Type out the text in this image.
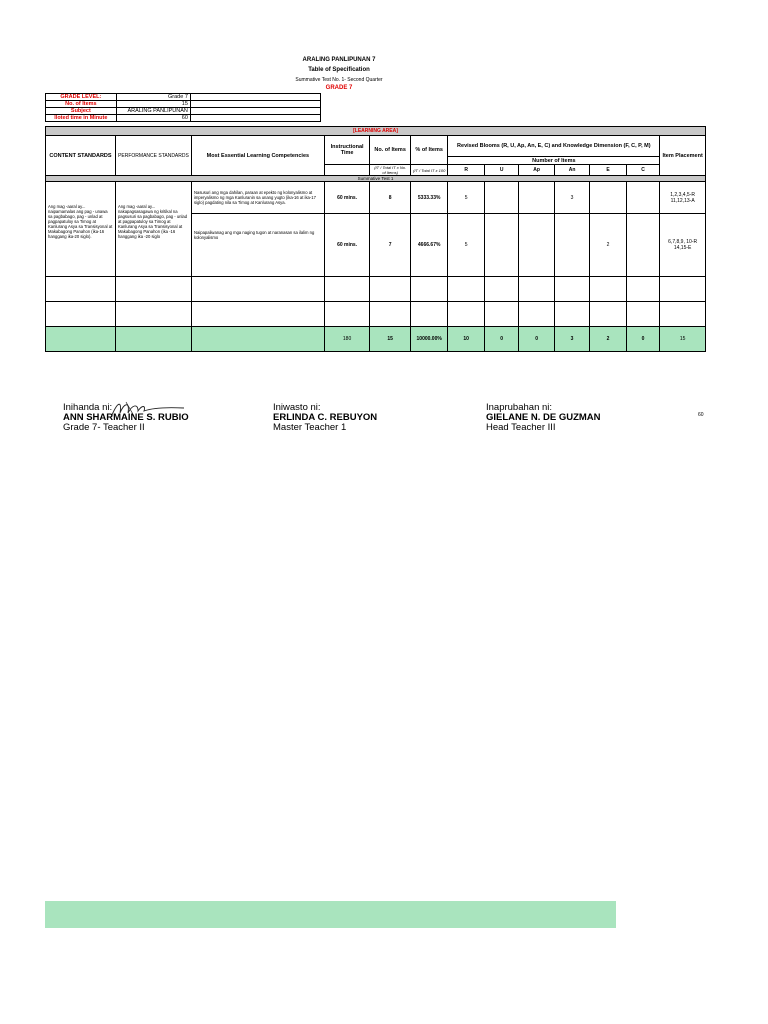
ARALING PANLIPUNAN 7
Table of Specification
Summative Test No. 1- Second Quarter
GRADE 7
GRADE LEVEL:	Grade 7	
No. of Items	15	
Subject	ARALING PANLIPUNAN	
lloted time in Minute	60	
[LEARNING AREA]												
CONTENT STANDARDS	PERFORMANCE STANDARDS	Most Essential Learning Competencies	Instructional Time	No. of Items	% of Items	Revised Blooms (R, U, Ap, An, E, C) and Knowledge Dimension (F, C, P, M)						Item Placement
						Number of Items						
				(IT / Total IT x No. of Items)	(IT / Total IT x 100	R	U	Ap	An	E	C	
Summative Test 1												
Ang mag -aaral ay... naipamamalas ang pag - unawa sa pagbabago, pag - unlad at pagpapatuloy sa Timog at Kanlurang Asya sa Transisyonal at Makabagong Panahon (ika-16 hanggang ika-20 siglo).	Ang mag -aaral ay... nakapagsasagawa ng kritikal na pagsusuri sa pagbabago, pag - unlad at pagpapatuloy sa Timog at Kanlurang Asya sa Transisyonal at Makabagong Panahon (ika -16 hanggang ika -20 siglo	Nasusuri ang mga dahilan, paraan at epekto ng kolonyalismo at imperyalismo ng mga Kanluranin sa unang yugto (ika-16 at ika-17 siglo) pagdating nila sa Timog at Kanlurang Asya.	60 mins.	8	5333.33%	5			3			1,2,3,4,5-R 11,12,13-A
		Naipapaliwanag ang mga naging tugon at naranasan sa ilalim ng kolonyalismo	60 mins.	7	4666.67%	5				2		6,7,8,9, 10-R 14,15-E

			180	15	10000.00%	10	0	0	3	2	0	15
Inihanda ni:
ANN SHARMAINE S. RUBIO
Grade 7- Teacher II
Iniwasto ni:
ERLINDA C. REBUYON
Master Teacher 1
Inaprubahan ni:
GIELANE N. DE GUZMAN
Head Teacher III
60
